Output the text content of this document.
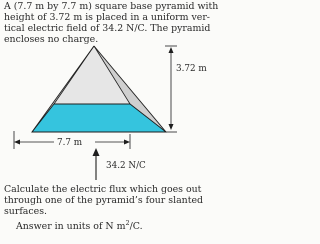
A (7.7 m by 7.7 m) square base pyramid with
height of 3.72 m is placed in a uniform ver-
tical electric field of 34.2 N/C. The pyramid
encloses no charge.

3.72 m
7.7 m
34.2 N/C

Calculate the electric flux which goes out
through one of the pyramid’s four slanted
surfaces.

Answer in units of N $m^2/C$.
